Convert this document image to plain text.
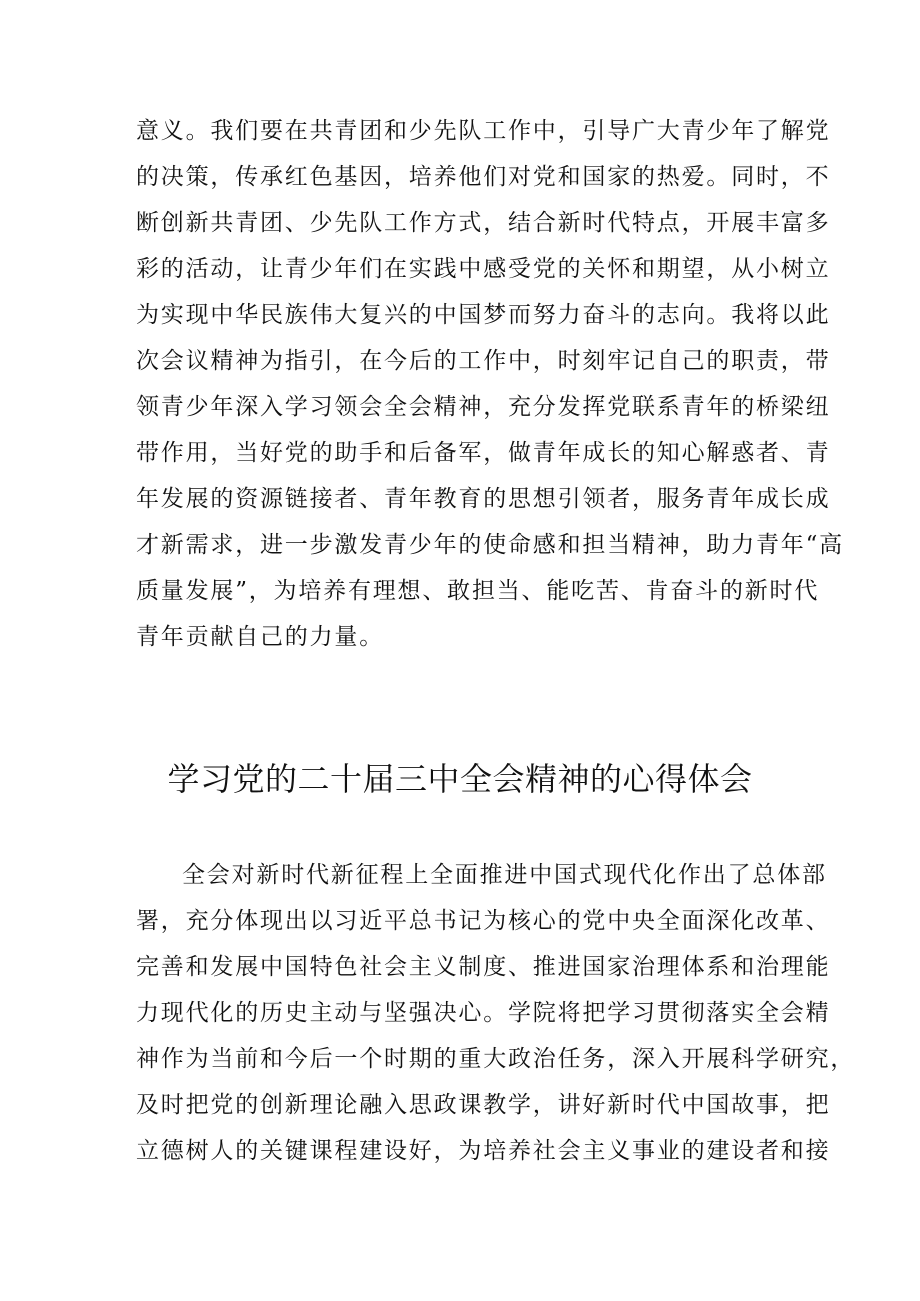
意义。我们要在共青团和少先队工作中，引导广大青少年了解党
的决策，传承红色基因，培养他们对党和国家的热爱。同时，不
断创新共青团、少先队工作方式，结合新时代特点，开展丰富多
彩的活动，让青少年们在实践中感受党的关怀和期望，从小树立
为实现中华民族伟大复兴的中国梦而努力奋斗的志向。我将以此
次会议精神为指引，在今后的工作中，时刻牢记自己的职责，带
领青少年深入学习领会全会精神，充分发挥党联系青年的桥梁纽
带作用，当好党的助手和后备军，做青年成长的知心解惑者、青
年发展的资源链接者、青年教育的思想引领者，服务青年成长成
才新需求，进一步激发青少年的使命感和担当精神，助力青年“高
质量发展”，为培养有理想、敢担当、能吃苦、肯奋斗的新时代
青年贡献自己的力量。
学习党的二十届三中全会精神的心得体会
全会对新时代新征程上全面推进中国式现代化作出了总体部
署，充分体现出以习近平总书记为核心的党中央全面深化改革、
完善和发展中国特色社会主义制度、推进国家治理体系和治理能
力现代化的历史主动与坚强决心。学院将把学习贯彻落实全会精
神作为当前和今后一个时期的重大政治任务，深入开展科学研究，
及时把党的创新理论融入思政课教学，讲好新时代中国故事，把
立德树人的关键课程建设好，为培养社会主义事业的建设者和接
